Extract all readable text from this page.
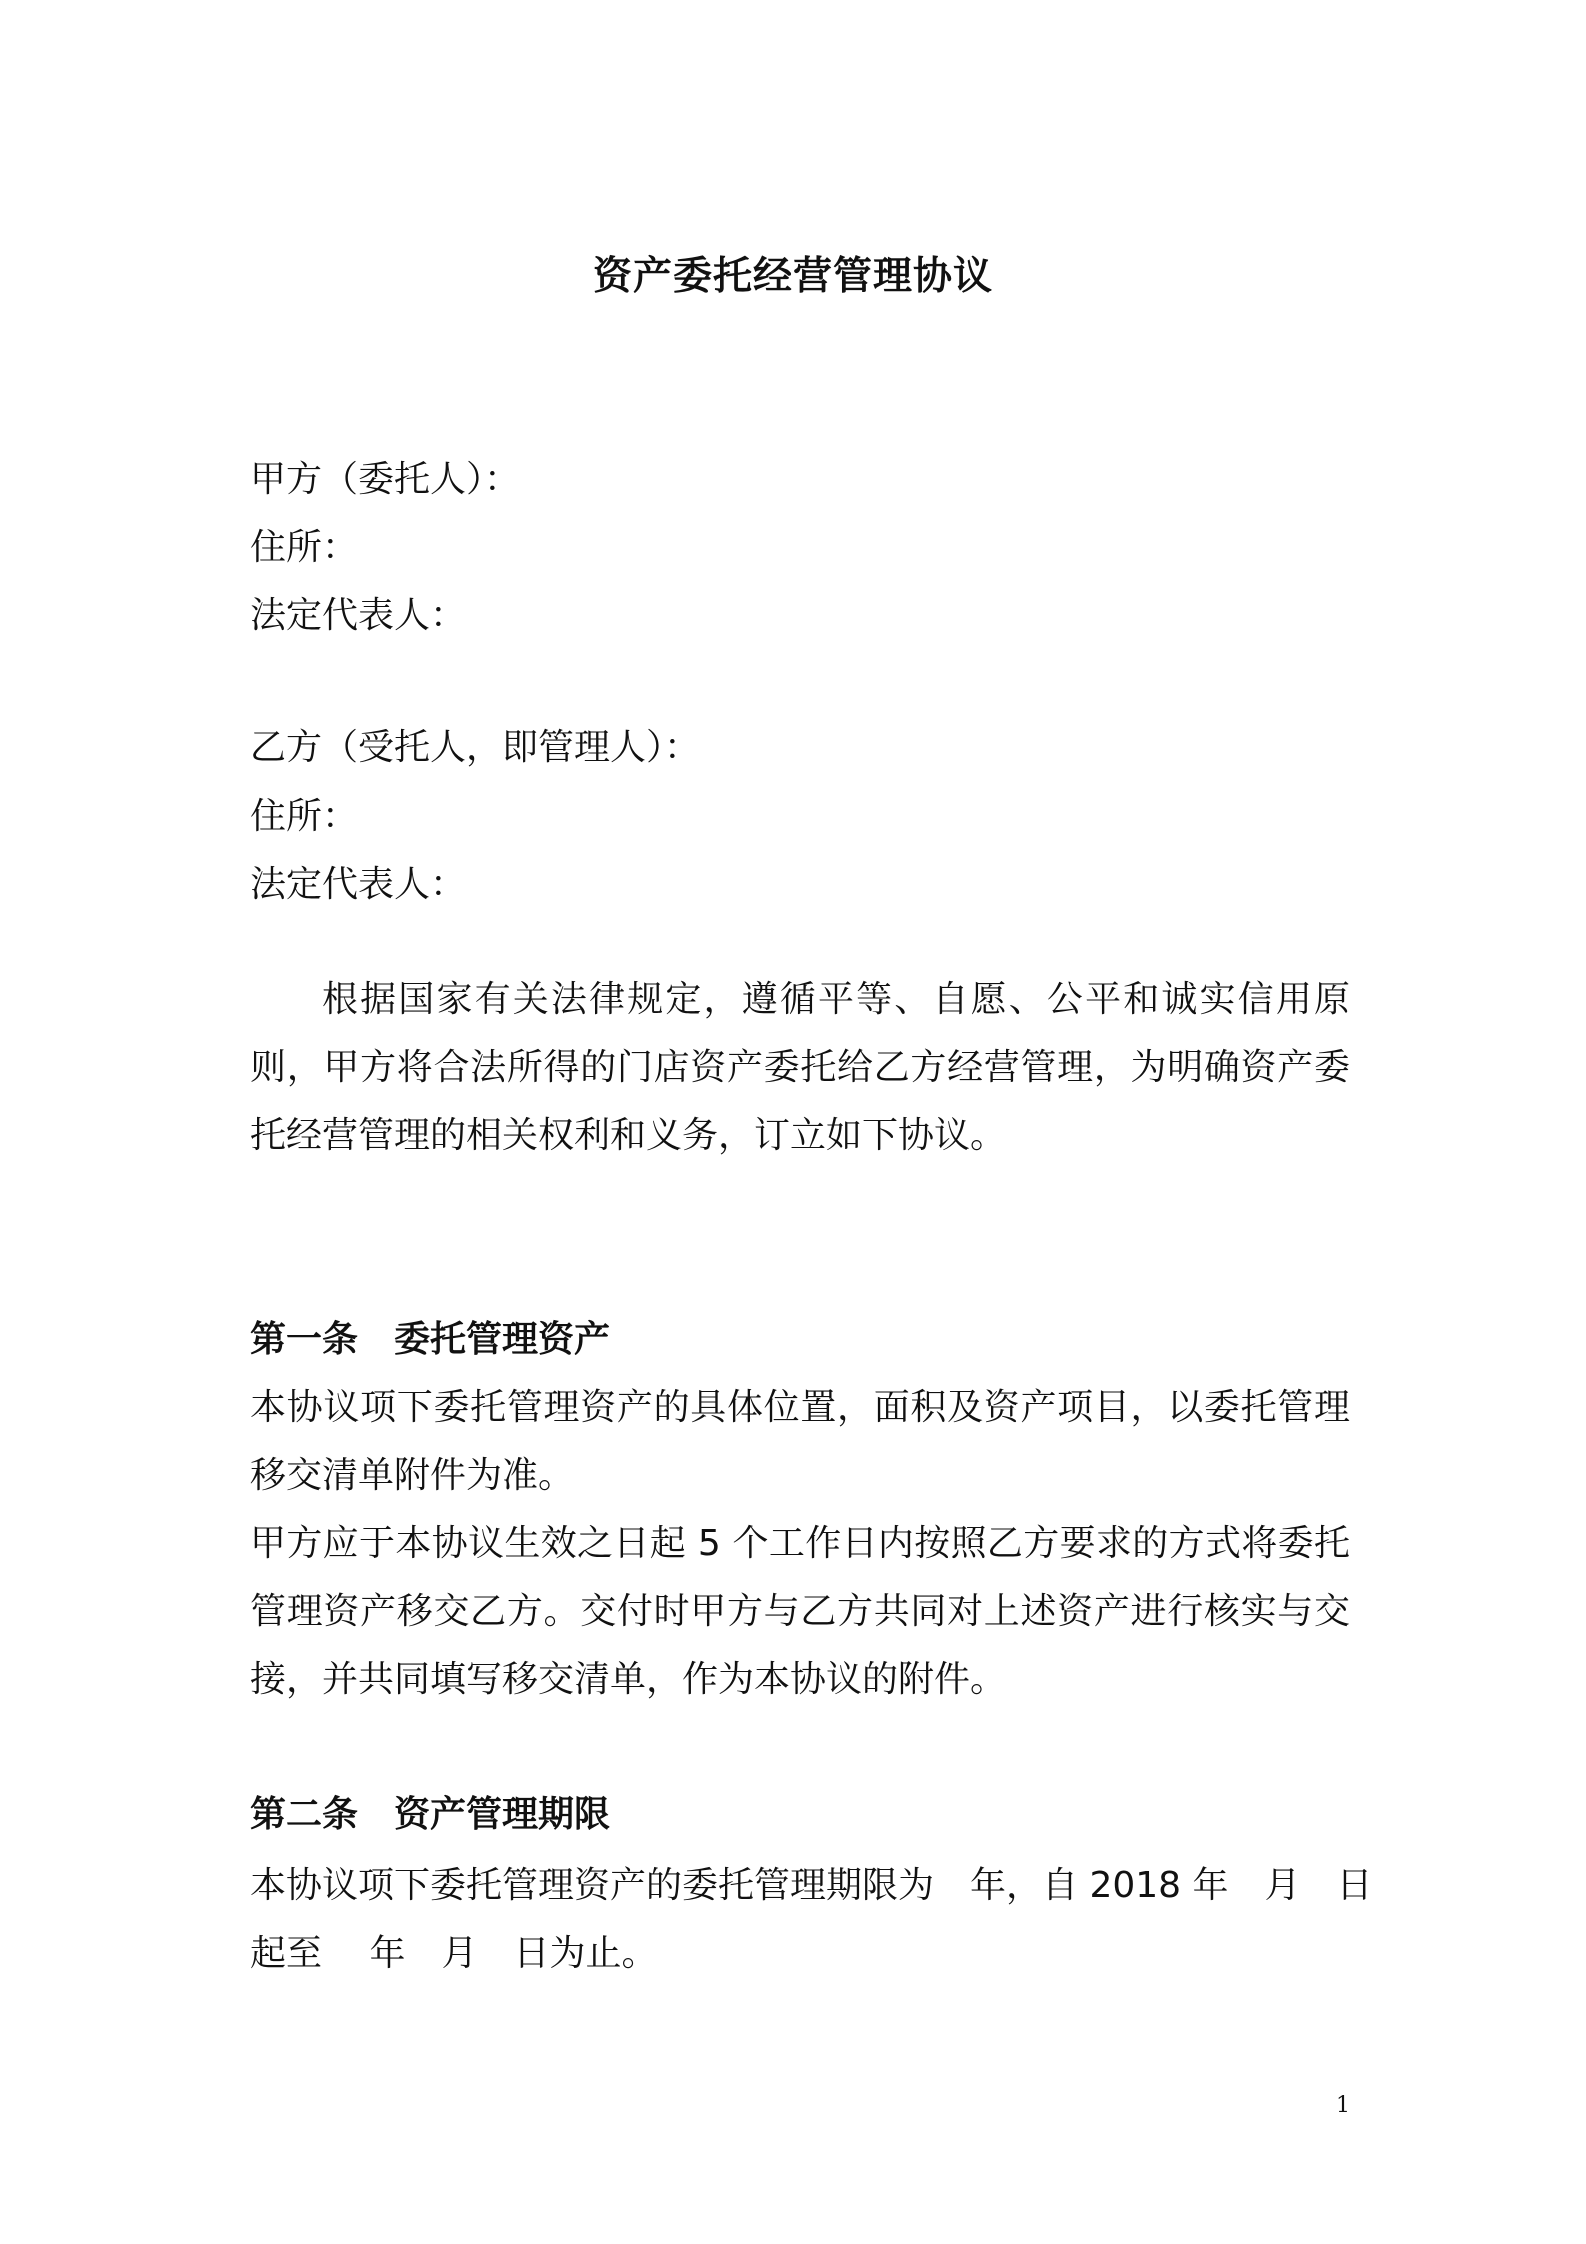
资产委托经营管理协议
甲方（委托人）：
住所：
法定代表人：
乙方（受托人，即管理人）：
住所：
法定代表人：
根据国家有关法律规定，遵循平等、自愿、公平和诚实信用原则，甲方将合法所得的门店资产委托给乙方经营管理，为明确资产委托经营管理的相关权利和义务，订立如下协议。
第一条　委托管理资产
本协议项下委托管理资产的具体位置，面积及资产项目，以委托管理移交清单附件为准。
甲方应于本协议生效之日起 5 个工作日内按照乙方要求的方式将委托管理资产移交乙方。交付时甲方与乙方共同对上述资产进行核实与交接，并共同填写移交清单，作为本协议的附件。
第二条　资产管理期限
本协议项下委托管理资产的委托管理期限为　年，自 2018 年　月　日
起至　 年　月　日为止。
1
